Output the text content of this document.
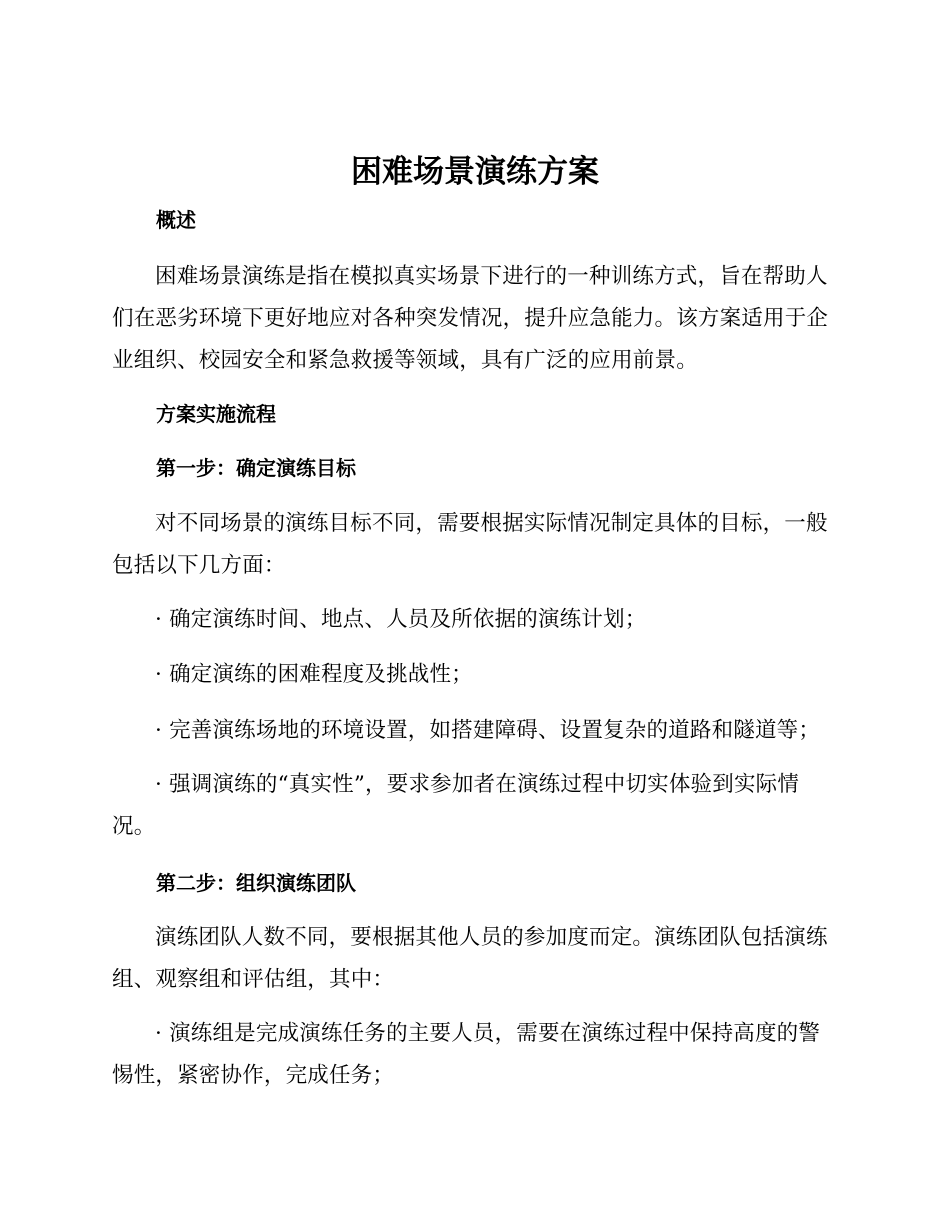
困难场景演练方案
概述

困难场景演练是指在模拟真实场景下进行的一种训练方式，旨在帮助人们在恶劣环境下更好地应对各种突发情况，提升应急能力。该方案适用于企业组织、校园安全和紧急救援等领域，具有广泛的应用前景。

方案实施流程
第一步：确定演练目标

对不同场景的演练目标不同，需要根据实际情况制定具体的目标，一般包括以下几方面：

· 确定演练时间、地点、人员及所依据的演练计划；

· 确定演练的困难程度及挑战性；

· 完善演练场地的环境设置，如搭建障碍、设置复杂的道路和隧道等；

· 强调演练的“真实性”，要求参加者在演练过程中切实体验到实际情况。

第二步：组织演练团队

演练团队人数不同，要根据其他人员的参加度而定。演练团队包括演练组、观察组和评估组，其中：

· 演练组是完成演练任务的主要人员，需要在演练过程中保持高度的警惕性，紧密协作，完成任务；
